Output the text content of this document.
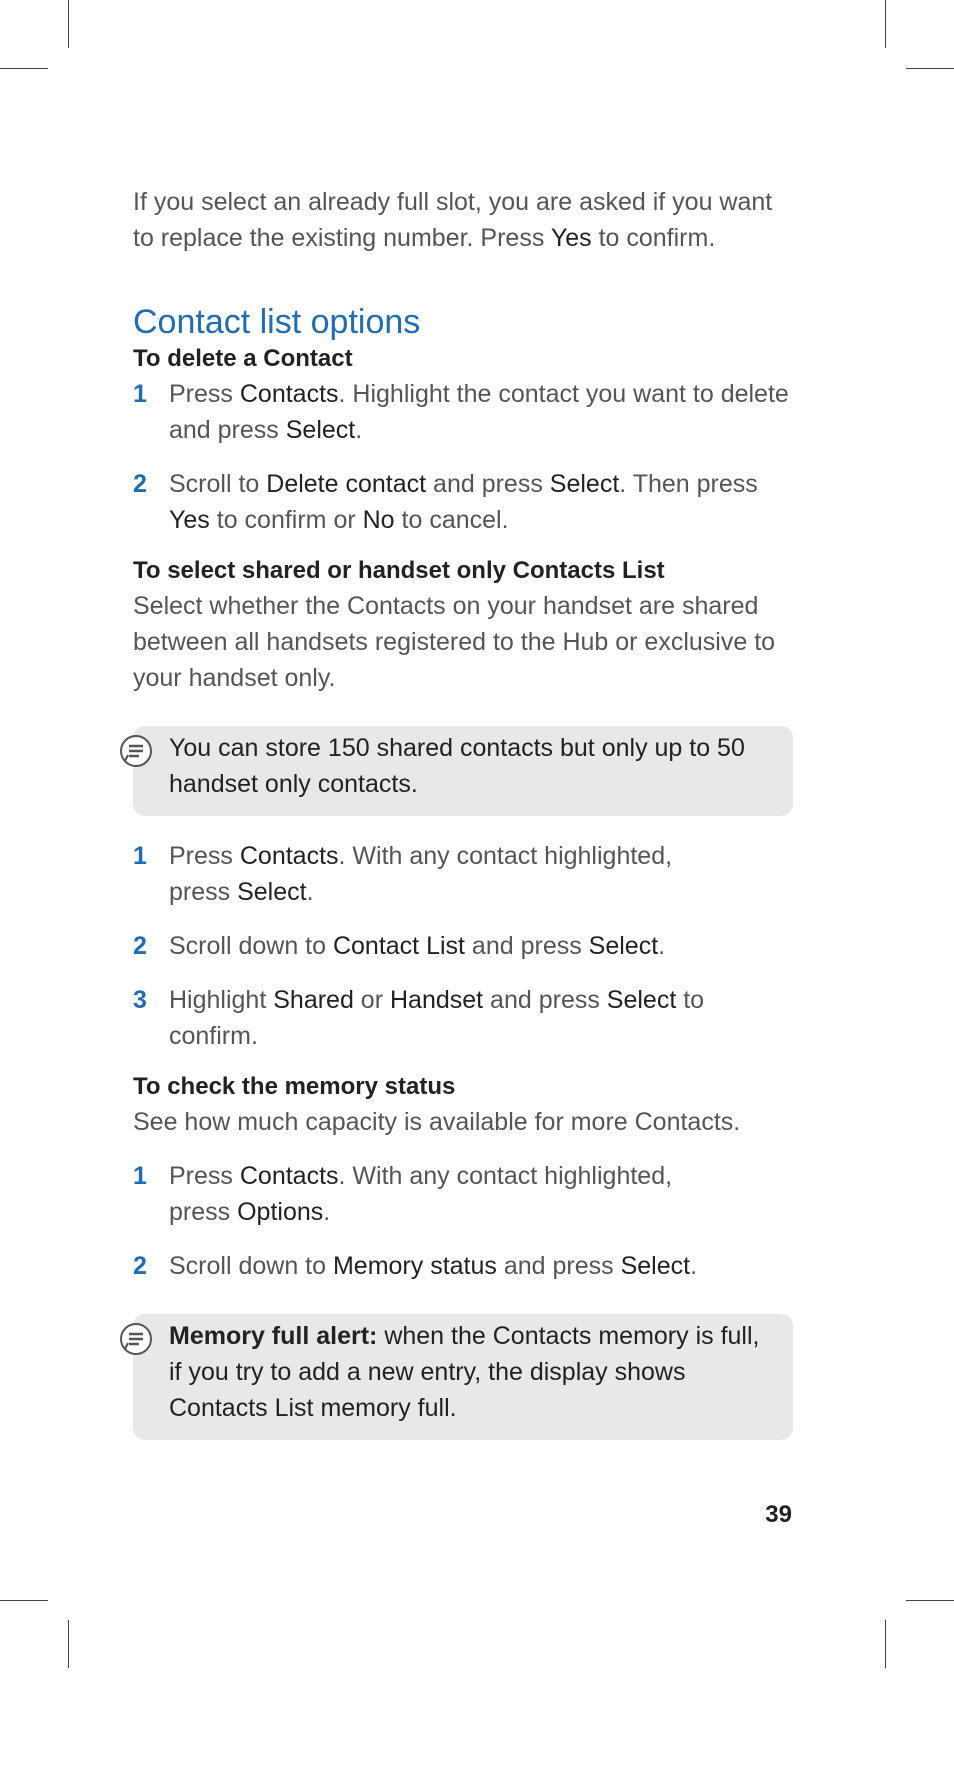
If you select an already full slot, you are asked if you want to replace the existing number. Press Yes to confirm.

Contact list options
To delete a Contact
1 Press Contacts. Highlight the contact you want to delete and press Select.
2 Scroll to Delete contact and press Select. Then press Yes to confirm or No to cancel.
To select shared or handset only Contacts List

Select whether the Contacts on your handset are shared between all handsets registered to the Hub or exclusive to your handset only.

You can store 150 shared contacts but only up to 50 handset only contacts.
1 Press Contacts. With any contact highlighted,
press Select.
2 Scroll down to Contact List and press Select.
3 Highlight Shared or Handset and press Select to confirm.
To check the memory status

See how much capacity is available for more Contacts.

1 Press Contacts. With any contact highlighted,
press Options.
2 Scroll down to Memory status and press Select.
Memory full alert: when the Contacts memory is full, if you try to add a new entry, the display shows Contacts List memory full.
39
